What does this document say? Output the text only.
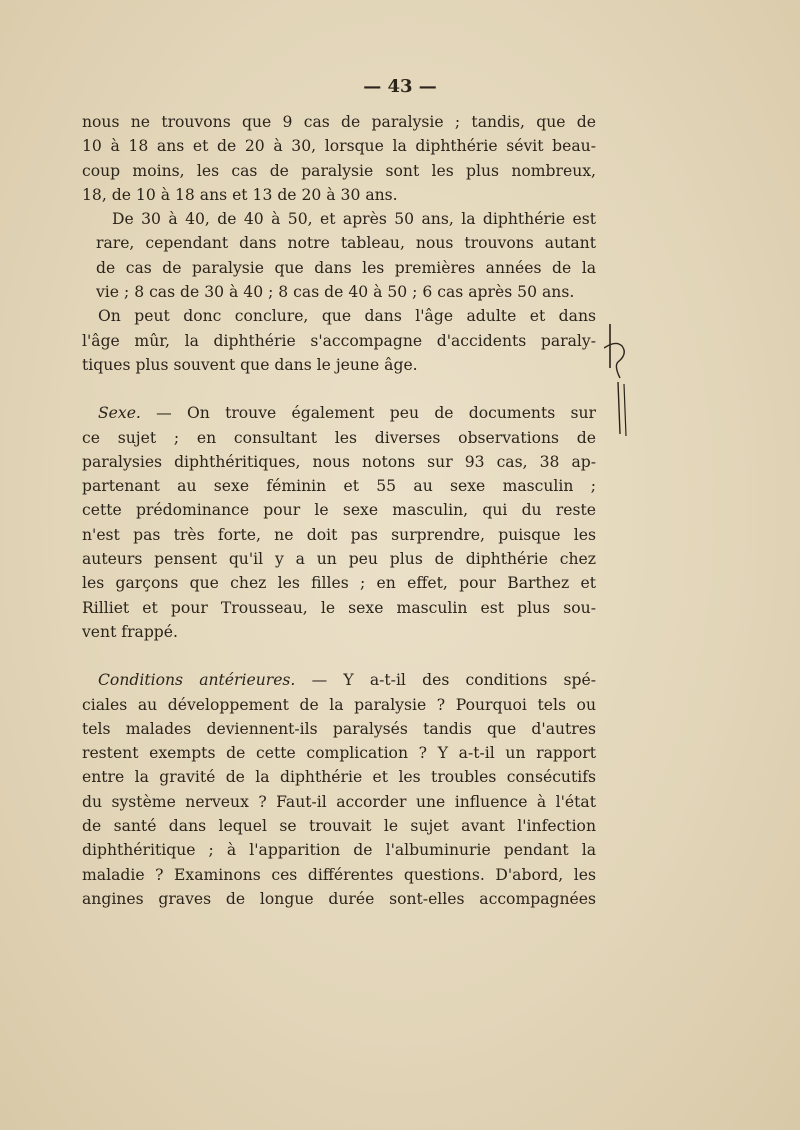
— 43 —

nous ne trouvons que 9 cas de paralysie ; tandis, que de
10 à 18 ans et de 20 à 30, lorsque la diphthérie sévit beau-
coup moins, les cas de paralysie sont les plus nombreux,
18, de 10 à 18 ans et 13 de 20 à 30 ans.

De 30 à 40, de 40 à 50, et après 50 ans, la diphthérie est
rare, cependant dans notre tableau, nous trouvons autant
de cas de paralysie que dans les premières années de la
vie ; 8 cas de 30 à 40 ; 8 cas de 40 à 50 ; 6 cas après 50 ans.

On peut donc conclure, que dans l'âge adulte et dans
l'âge mûr, la diphthérie s'accompagne d'accidents paraly-
tiques plus souvent que dans le jeune âge.

Sexe. — On trouve également peu de documents sur
ce sujet ; en consultant les diverses observations de
paralysies diphthéritiques, nous notons sur 93 cas, 38 ap-
partenant au sexe féminin et 55 au sexe masculin ;
cette prédominance pour le sexe masculin, qui du reste
n'est pas très forte, ne doit pas surprendre, puisque les
auteurs pensent qu'il y a un peu plus de diphthérie chez
les garçons que chez les filles ; en effet, pour Barthez et
Rilliet et pour Trousseau, le sexe masculin est plus sou-
vent frappé.

Conditions antérieures. — Y a-t-il des conditions spé-
ciales au développement de la paralysie ? Pourquoi tels ou
tels malades deviennent-ils paralysés tandis que d'autres
restent exempts de cette complication ? Y a-t-il un rapport
entre la gravité de la diphthérie et les troubles consécutifs
du système nerveux ? Faut-il accorder une influence à l'état
de santé dans lequel se trouvait le sujet avant l'infection
diphthéritique ; à l'apparition de l'albuminurie pendant la
maladie ? Examinons ces différentes questions. D'abord, les
angines graves de longue durée sont-elles accompagnées
